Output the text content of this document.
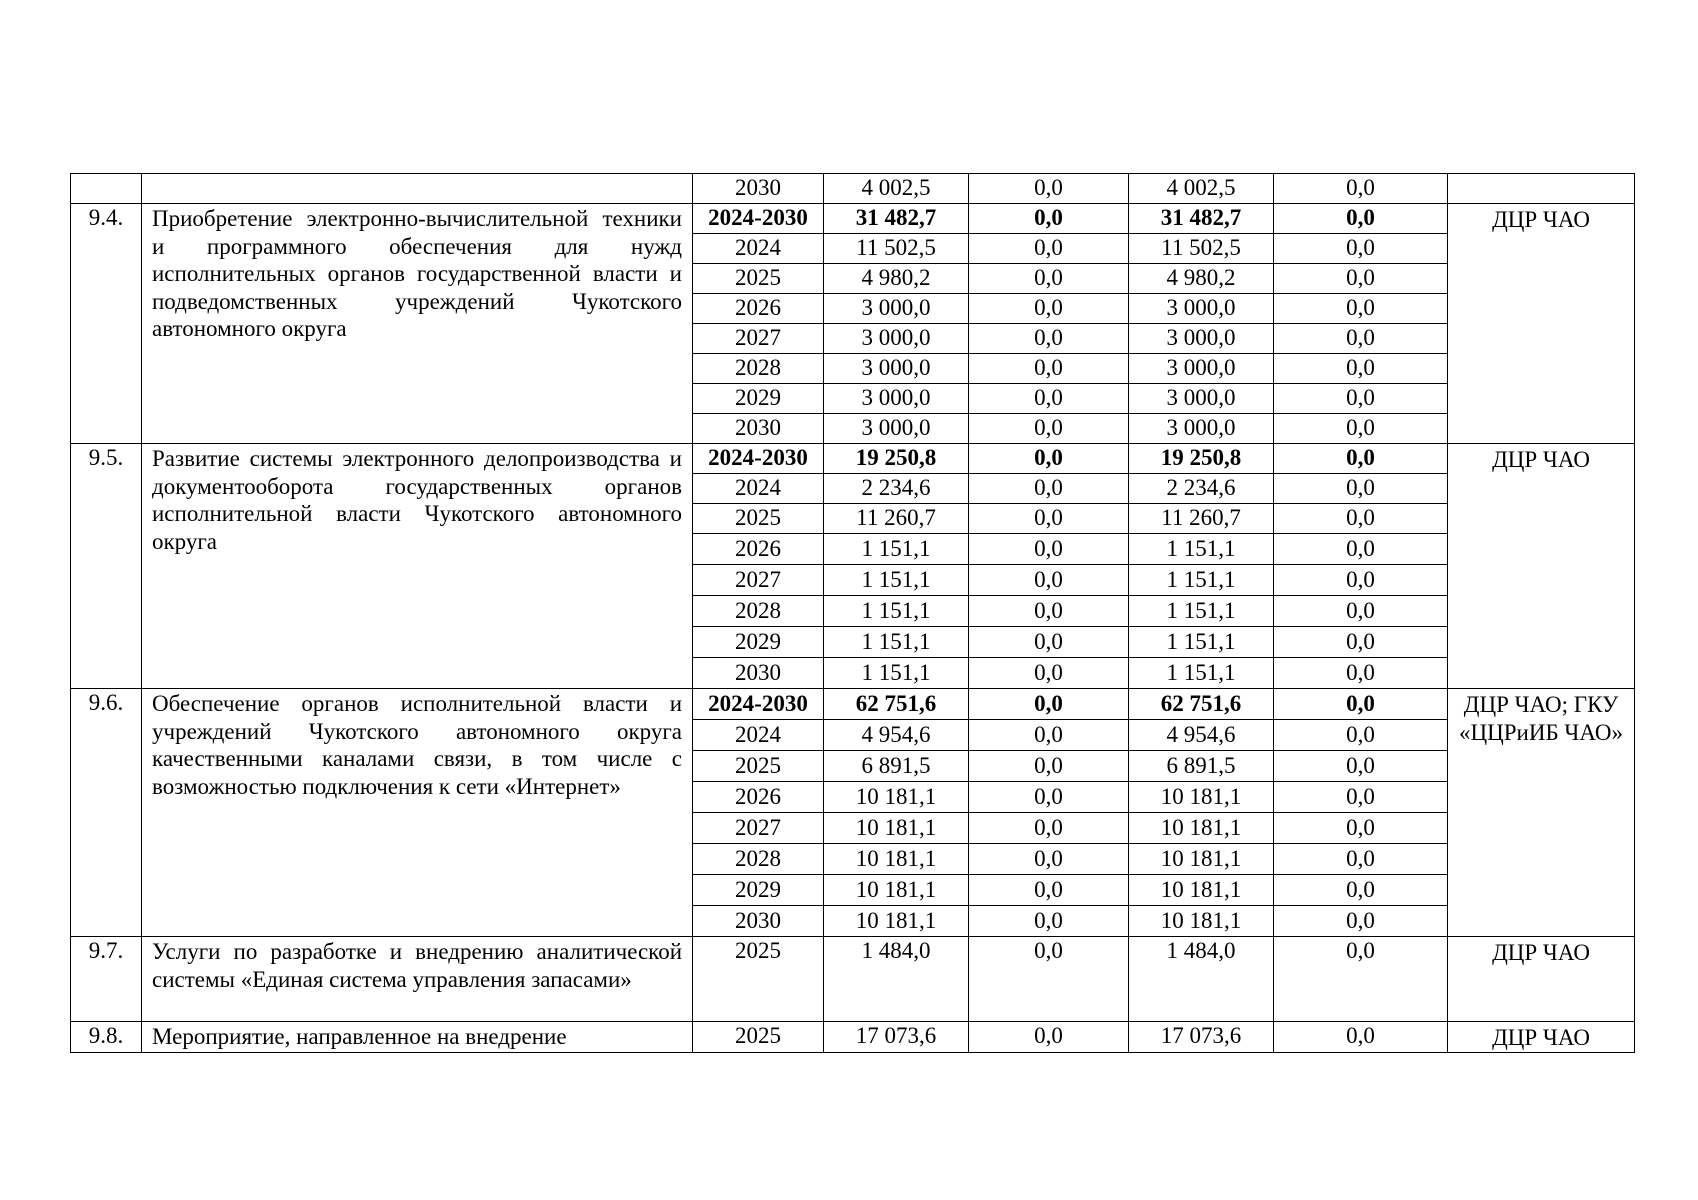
		2030	4 002,5	0,0	4 002,5	0,0	
9.4.	Приобретение электронно-вычислительной техники и программного обеспечения для нужд исполнительных органов государственной власти и подведомственных учреждений Чукотского автономного округа	2024-2030	31 482,7	0,0	31 482,7	0,0	ДЦР ЧАО
		2024	11 502,5	0,0	11 502,5	0,0	
		2025	4 980,2	0,0	4 980,2	0,0	
		2026	3 000,0	0,0	3 000,0	0,0	
		2027	3 000,0	0,0	3 000,0	0,0	
		2028	3 000,0	0,0	3 000,0	0,0	
		2029	3 000,0	0,0	3 000,0	0,0	
		2030	3 000,0	0,0	3 000,0	0,0	
9.5.	Развитие системы электронного делопроизводства и документооборота государственных органов исполнительной власти Чукотского автономного округа	2024-2030	19 250,8	0,0	19 250,8	0,0	ДЦР ЧАО
		2024	2 234,6	0,0	2 234,6	0,0	
		2025	11 260,7	0,0	11 260,7	0,0	
		2026	1 151,1	0,0	1 151,1	0,0	
		2027	1 151,1	0,0	1 151,1	0,0	
		2028	1 151,1	0,0	1 151,1	0,0	
		2029	1 151,1	0,0	1 151,1	0,0	
		2030	1 151,1	0,0	1 151,1	0,0	
9.6.	Обеспечение органов исполнительной власти и учреждений Чукотского автономного округа качественными каналами связи, в том числе с возможностью подключения к сети «Интернет»	2024-2030	62 751,6	0,0	62 751,6	0,0	ДЦР ЧАО; ГКУ «ЦЦРиИБ ЧАО»
		2024	4 954,6	0,0	4 954,6	0,0	
		2025	6 891,5	0,0	6 891,5	0,0	
		2026	10 181,1	0,0	10 181,1	0,0	
		2027	10 181,1	0,0	10 181,1	0,0	
		2028	10 181,1	0,0	10 181,1	0,0	
		2029	10 181,1	0,0	10 181,1	0,0	
		2030	10 181,1	0,0	10 181,1	0,0	
9.7.	Услуги по разработке и внедрению аналитической системы «Единая система управления запасами»	2025	1 484,0	0,0	1 484,0	0,0	ДЦР ЧАО
9.8.	Мероприятие, направленное на внедрение	2025	17 073,6	0,0	17 073,6	0,0	ДЦР ЧАО
